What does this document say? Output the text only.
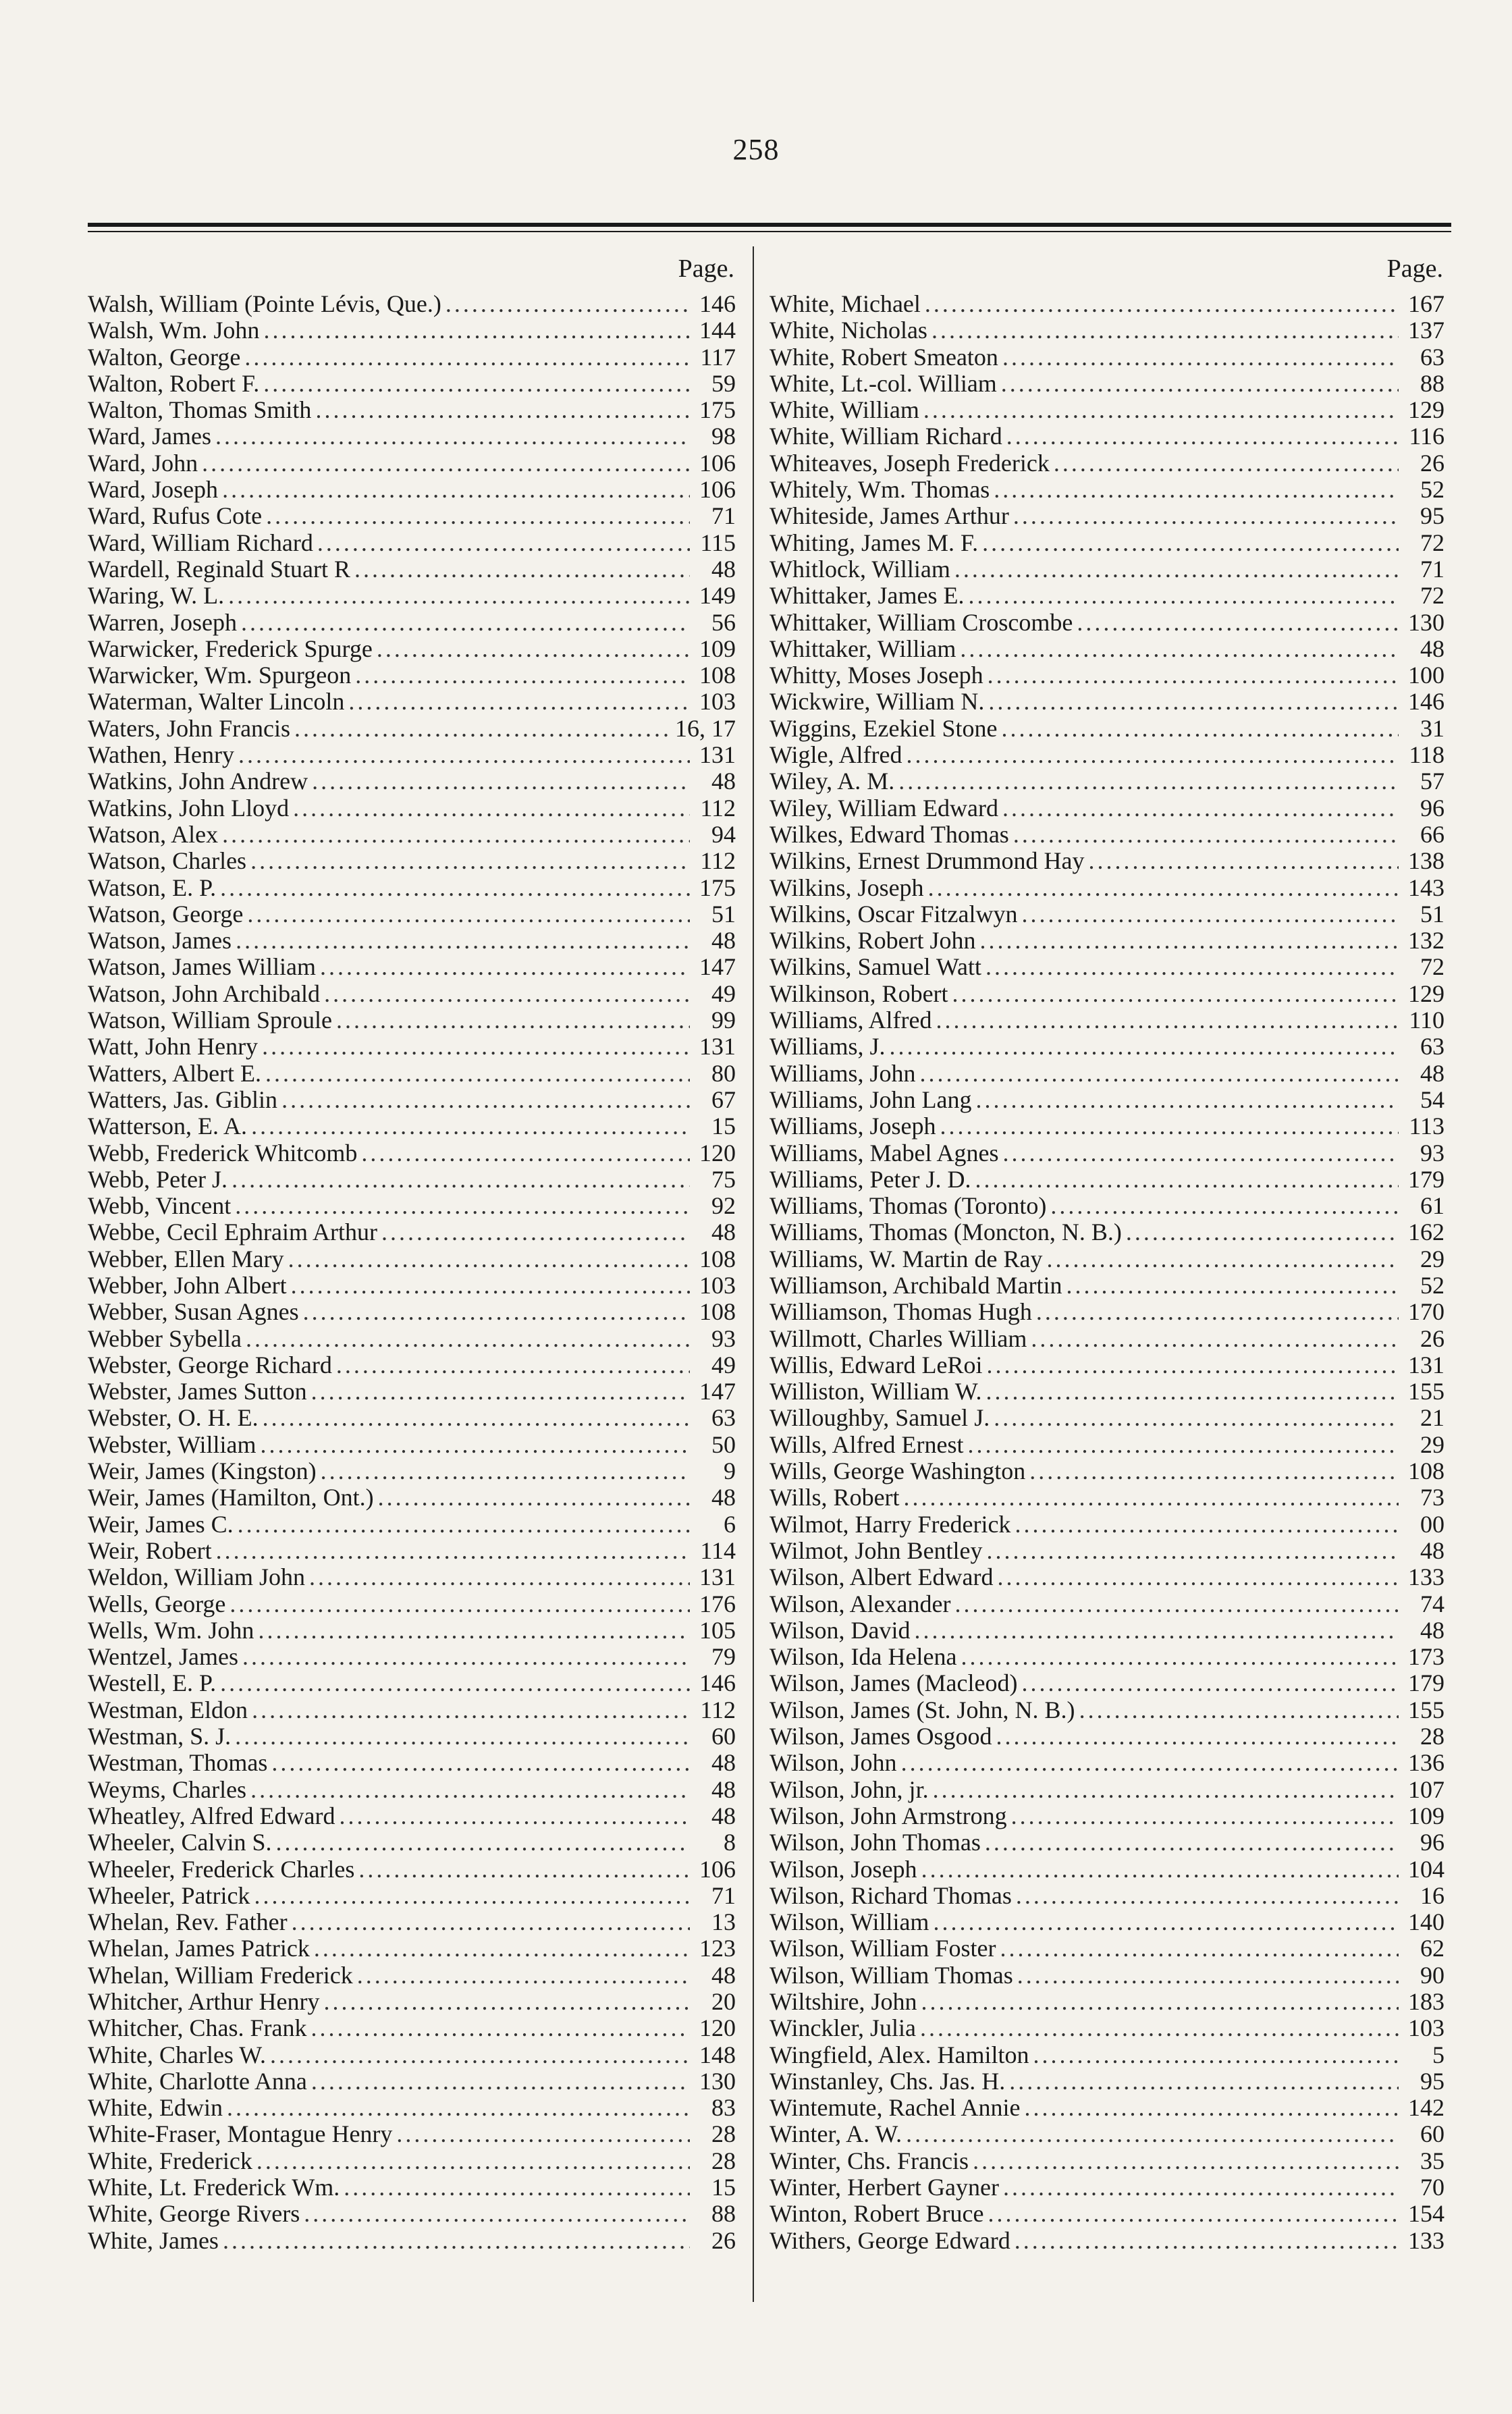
258
Page.
Walsh, William (Pointe Lévis, Que.) .....	146
Walsh, Wm. John .....	144
Walton, George .....	117
Walton, Robert F. .....	59
Walton, Thomas Smith .....	175
Ward, James .....	98
Ward, John .....	106
Ward, Joseph .....	106
Ward, Rufus Cote .....	71
Ward, William Richard .....	115
Wardell, Reginald Stuart R .....	48
Waring, W. L. .....	149
Warren, Joseph .....	56
Warwicker, Frederick Spurge .....	109
Warwicker, Wm. Spurgeon .....	108
Waterman, Walter Lincoln .....	103
Waters, John Francis .....	16, 17
Wathen, Henry .....	131
Watkins, John Andrew .....	48
Watkins, John Lloyd .....	112
Watson, Alex .....	94
Watson, Charles .....	112
Watson, E. P. .....	175
Watson, George .....	51
Watson, James .....	48
Watson, James William .....	147
Watson, John Archibald .....	49
Watson, William Sproule .....	99
Watt, John Henry .....	131
Watters, Albert E. .....	80
Watters, Jas. Giblin .....	67
Watterson, E. A. .....	15
Webb, Frederick Whitcomb .....	120
Webb, Peter J. .....	75
Webb, Vincent .....	92
Webbe, Cecil Ephraim Arthur .....	48
Webber, Ellen Mary .....	108
Webber, John Albert .....	103
Webber, Susan Agnes .....	108
Webber Sybella .....	93
Webster, George Richard .....	49
Webster, James Sutton .....	147
Webster, O. H. E. .....	63
Webster, William .....	50
Weir, James (Kingston) .....	9
Weir, James (Hamilton, Ont.) .....	48
Weir, James C. .....	6
Weir, Robert .....	114
Weldon, William John .....	131
Wells, George .....	176
Wells, Wm. John .....	105
Wentzel, James .....	79
Westell, E. P. .....	146
Westman, Eldon .....	112
Westman, S. J. .....	60
Westman, Thomas .....	48
Weyms, Charles .....	48
Wheatley, Alfred Edward .....	48
Wheeler, Calvin S. .....	8
Wheeler, Frederick Charles .....	106
Wheeler, Patrick .....	71
Whelan, Rev. Father .....	13
Whelan, James Patrick .....	123
Whelan, William Frederick .....	48
Whitcher, Arthur Henry .....	20
Whitcher, Chas. Frank .....	120
White, Charles W. .....	148
White, Charlotte Anna .....	130
White, Edwin .....	83
White-Fraser, Montague Henry .....	28
White, Frederick .....	28
White, Lt. Frederick Wm. .....	15
White, George Rivers .....	88
White, James .....	26
Page.
White, Michael .....	167
White, Nicholas .....	137
White, Robert Smeaton .....	63
White, Lt.-col. William .....	88
White, William .....	129
White, William Richard .....	116
Whiteaves, Joseph Frederick .....	26
Whitely, Wm. Thomas .....	52
Whiteside, James Arthur .....	95
Whiting, James M. F. .....	72
Whitlock, William .....	71
Whittaker, James E. .....	72
Whittaker, William Croscombe .....	130
Whittaker, William .....	48
Whitty, Moses Joseph .....	100
Wickwire, William N. .....	146
Wiggins, Ezekiel Stone .....	31
Wigle, Alfred .....	118
Wiley, A. M. .....	57
Wiley, William Edward .....	96
Wilkes, Edward Thomas .....	66
Wilkins, Ernest Drummond Hay .....	138
Wilkins, Joseph .....	143
Wilkins, Oscar Fitzalwyn .....	51
Wilkins, Robert John .....	132
Wilkins, Samuel Watt .....	72
Wilkinson, Robert .....	129
Williams, Alfred .....	110
Williams, J. .....	63
Williams, John .....	48
Williams, John Lang .....	54
Williams, Joseph .....	113
Williams, Mabel Agnes .....	93
Williams, Peter J. D. .....	179
Williams, Thomas (Toronto) .....	61
Williams, Thomas (Moncton, N. B.) .....	162
Williams, W. Martin de Ray .....	29
Williamson, Archibald Martin .....	52
Williamson, Thomas Hugh .....	170
Willmott, Charles William .....	26
Willis, Edward LeRoi .....	131
Williston, William W. .....	155
Willoughby, Samuel J. .....	21
Wills, Alfred Ernest .....	29
Wills, George Washington .....	108
Wills, Robert .....	73
Wilmot, Harry Frederick .....	00
Wilmot, John Bentley .....	48
Wilson, Albert Edward .....	133
Wilson, Alexander .....	74
Wilson, David .....	48
Wilson, Ida Helena .....	173
Wilson, James (Macleod) .....	179
Wilson, James (St. John, N. B.) .....	155
Wilson, James Osgood .....	28
Wilson, John .....	136
Wilson, John, jr. .....	107
Wilson, John Armstrong .....	109
Wilson, John Thomas .....	96
Wilson, Joseph .....	104
Wilson, Richard Thomas .....	16
Wilson, William .....	140
Wilson, William Foster .....	62
Wilson, William Thomas .....	90
Wiltshire, John .....	183
Winckler, Julia .....	103
Wingfield, Alex. Hamilton .....	5
Winstanley, Chs. Jas. H. .....	95
Wintemute, Rachel Annie .....	142
Winter, A. W. .....	60
Winter, Chs. Francis .....	35
Winter, Herbert Gayner .....	70
Winton, Robert Bruce .....	154
Withers, George Edward .....	133
